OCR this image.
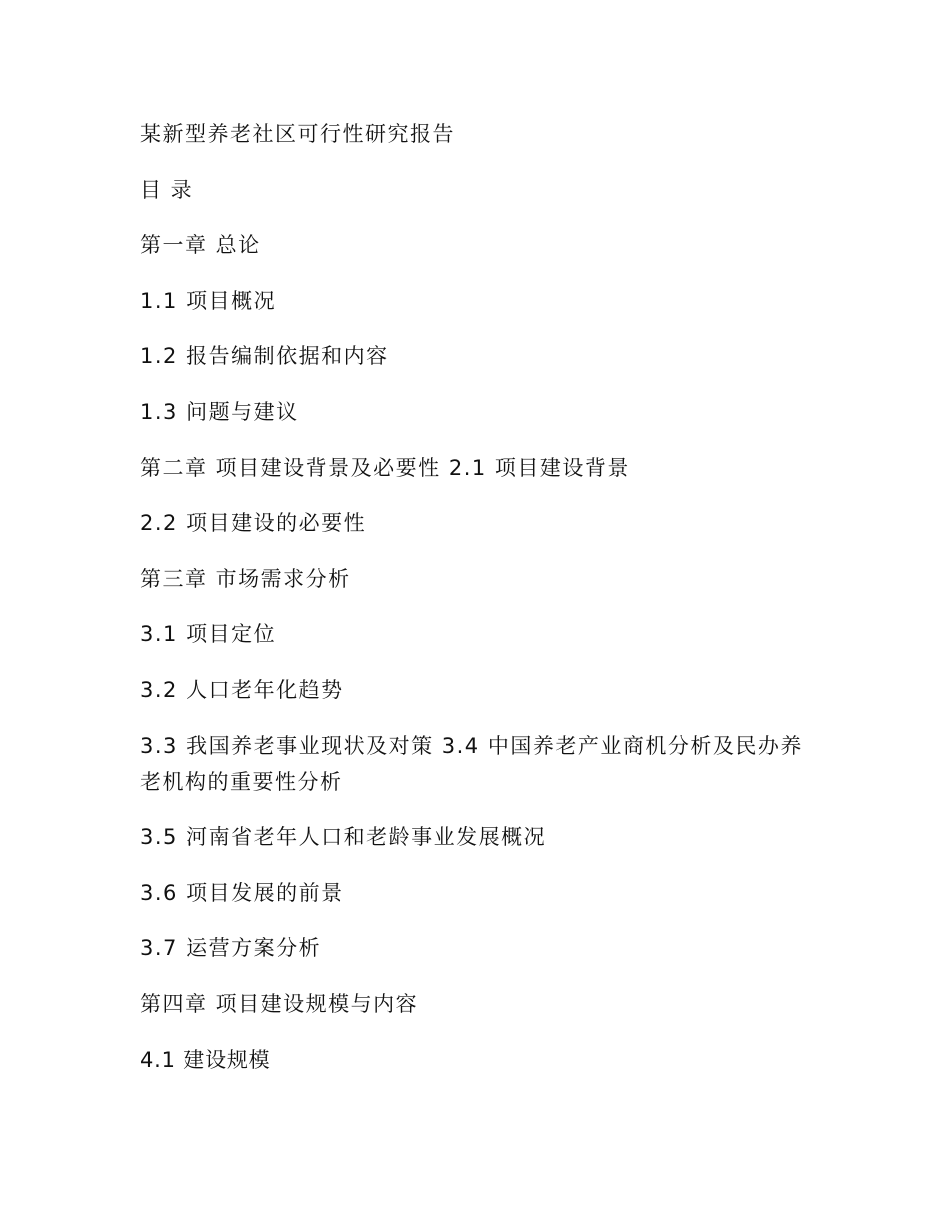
某新型养老社区可行性研究报告

目 录

第一章 总论

1.1 项目概况

1.2 报告编制依据和内容

1.3 问题与建议

第二章 项目建设背景及必要性 2.1 项目建设背景

2.2 项目建设的必要性

第三章 市场需求分析

3.1 项目定位

3.2 人口老年化趋势

3.3 我国养老事业现状及对策 3.4 中国养老产业商机分析及民办养老机构的重要性分析

3.5 河南省老年人口和老龄事业发展概况

3.6 项目发展的前景

3.7 运营方案分析

第四章 项目建设规模与内容

4.1 建设规模
